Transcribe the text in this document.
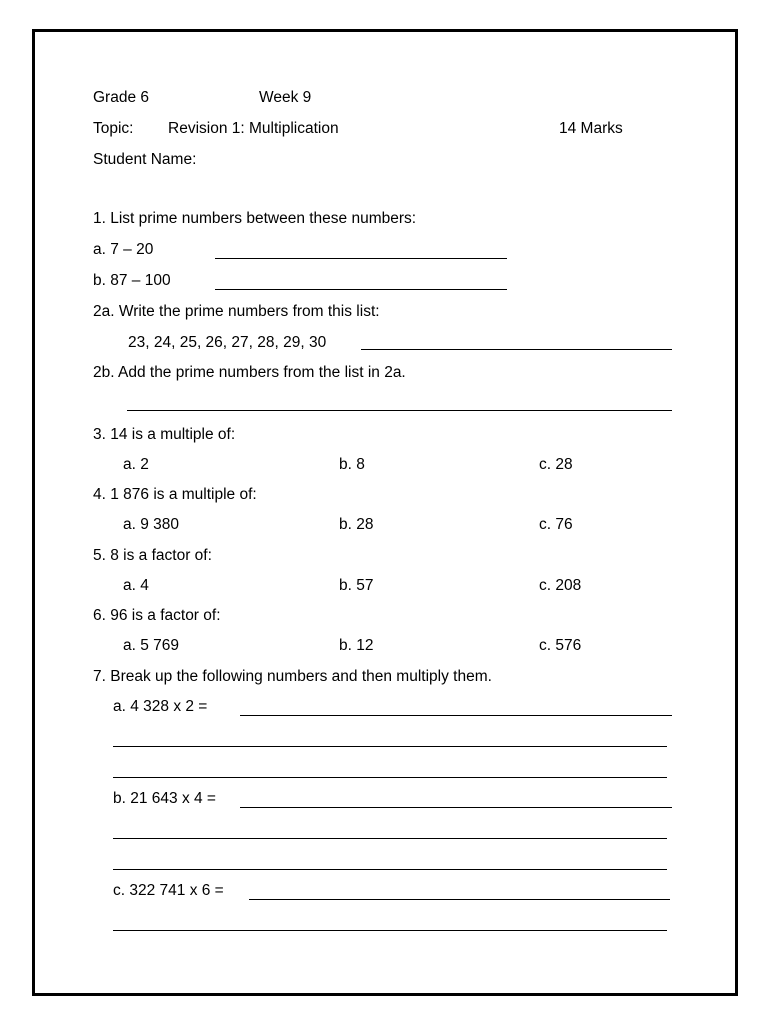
Grade 6	Week 9
Topic: Revision 1: Multiplication	14 Marks
Student Name:
1. List prime numbers between these numbers:
a. 7 – 20
b. 87 – 100
2a. Write the prime numbers from this list:
23, 24, 25, 26, 27, 28, 29, 30
2b. Add the prime numbers from the list in 2a.
3. 14 is a multiple of:
a. 2	b. 8	c. 28
4. 1 876 is a multiple of:
a. 9 380	b. 28	c. 76
5. 8 is a factor of:
a. 4	b. 57	c. 208
6. 96 is a factor of:
a. 5 769	b. 12	c. 576
7. Break up the following numbers and then multiply them.
a. 4 328 x 2 =
b. 21 643 x 4 =
c. 322 741 x 6 =
